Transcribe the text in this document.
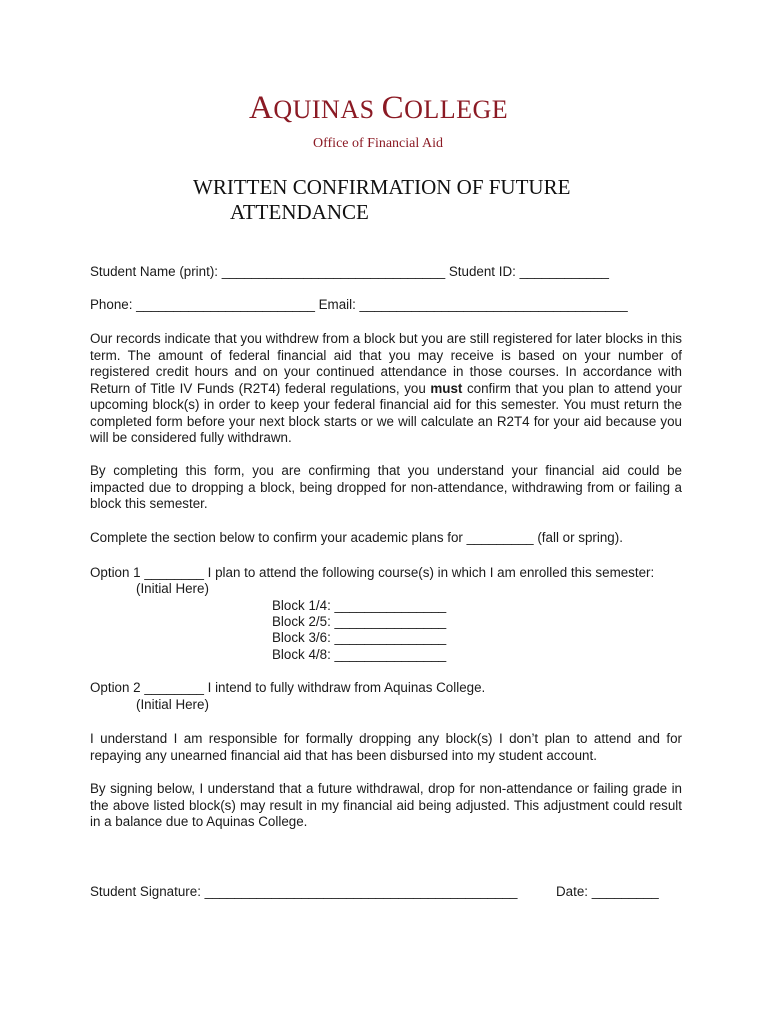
AQUINAS COLLEGE
Office of Financial Aid
WRITTEN CONFIRMATION OF FUTURE
ATTENDANCE
Student Name (print): ______________________________ Student ID: ____________
Phone: ________________________ Email: ____________________________________
Our records indicate that you withdrew from a block but you are still registered for later blocks in this term. The amount of federal financial aid that you may receive is based on your number of registered credit hours and on your continued attendance in those courses. In accordance with Return of Title IV Funds (R2T4) federal regulations, you must confirm that you plan to attend your upcoming block(s) in order to keep your federal financial aid for this semester. You must return the completed form before your next block starts or we will calculate an R2T4 for your aid because you will be considered fully withdrawn.
By completing this form, you are confirming that you understand your financial aid could be impacted due to dropping a block, being dropped for non-attendance, withdrawing from or failing a block this semester.
Complete the section below to confirm your academic plans for _________ (fall or spring).
Option 1 ________ I plan to attend the following course(s) in which I am enrolled this semester:
(Initial Here)
Block 1/4: _______________
Block 2/5: _______________
Block 3/6: _______________
Block 4/8: _______________
Option 2 ________ I intend to fully withdraw from Aquinas College.
(Initial Here)
I understand I am responsible for formally dropping any block(s) I don’t plan to attend and for repaying any unearned financial aid that has been disbursed into my student account.
By signing below, I understand that a future withdrawal, drop for non-attendance or failing grade in the above listed block(s) may result in my financial aid being adjusted. This adjustment could result in a balance due to Aquinas College.
Student Signature: __________________________________________	Date: _________
